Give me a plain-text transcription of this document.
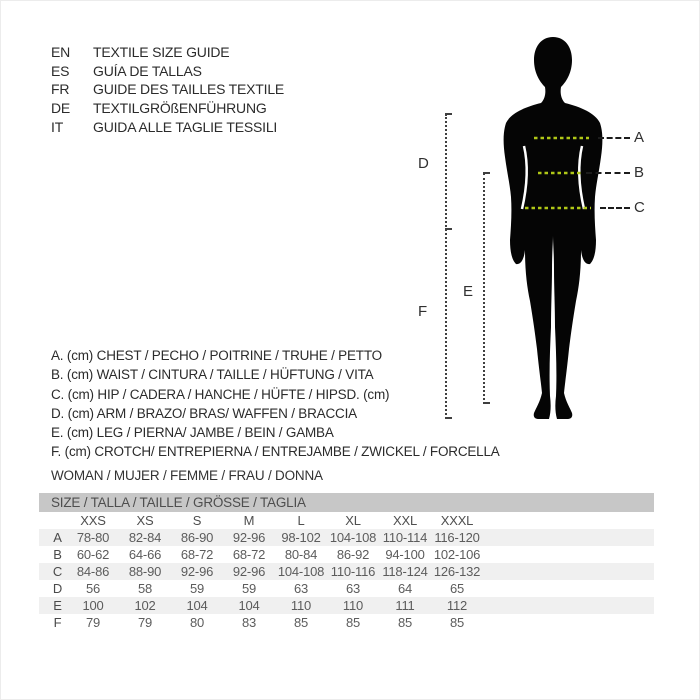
EN	TEXTILE SIZE GUIDE
ES	GUÍA DE TALLAS
FR	GUIDE DES TAILLES TEXTILE
DE	TEXTILGRÖßENFÜHRUNG
IT	GUIDA ALLE TAGLIE TESSILI
A
B
C
D
E
F
A. (cm) CHEST / PECHO / POITRINE / TRUHE / PETTO
B. (cm) WAIST / CINTURA / TAILLE / HÜFTUNG / VITA
C. (cm) HIP / CADERA / HANCHE / HÜFTE / HIPSD. (cm)
D. (cm) ARM / BRAZO/ BRAS/ WAFFEN / BRACCIA
E. (cm) LEG / PIERNA/ JAMBE / BEIN / GAMBA
F. (cm) CROTCH/ ENTREPIERNA / ENTREJAMBE / ZWICKEL / FORCELLA
WOMAN / MUJER / FEMME / FRAU / DONNA
SIZE / TALLA / TAILLE / GRÖSSE / TAGLIA
XXS	XS	S	M	L	XL	XXL	XXXL
A	78-80	82-84	86-90	92-96	98-102 104-108 110-114 116-120
B	60-62	64-66	68-72	68-72	80-84	86-92	94-100 102-106
C	84-86	88-90	92-96	92-96 104-108 110-116 118-124 126-132
D	56	58	59	59	63	63	64	65
E	100	102	104	104	110	110	111	112
F	79	79	80	83	85	85	85	85
